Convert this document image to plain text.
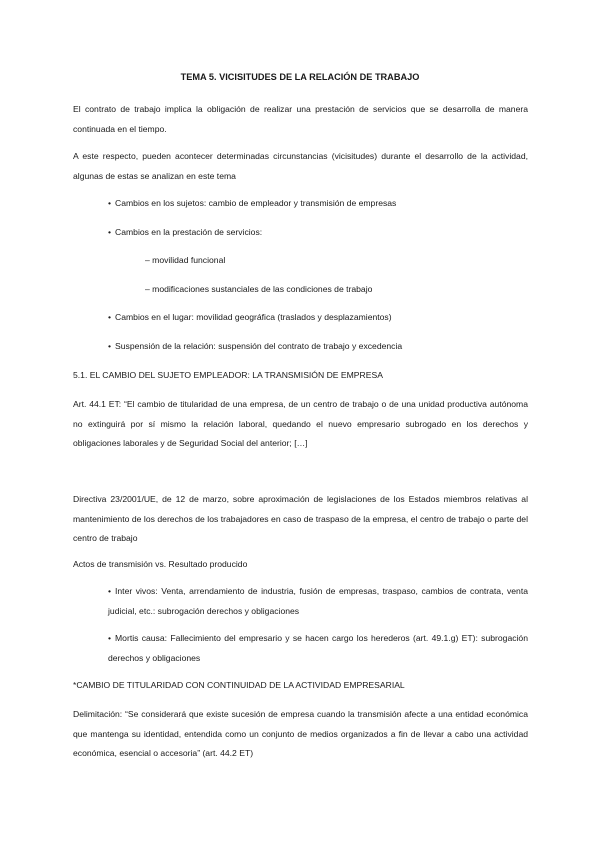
TEMA 5. VICISITUDES DE LA RELACIÓN DE TRABAJO

El contrato de trabajo implica la obligación de realizar una prestación de servicios que se desarrolla de manera continuada en el tiempo.

A este respecto, pueden acontecer determinadas circunstancias (vicisitudes) durante el desarrollo de la actividad, algunas de estas se analizan en este tema

• Cambios en los sujetos: cambio de empleador y transmisión de empresas

• Cambios en la prestación de servicios:

– movilidad funcional

– modificaciones sustanciales de las condiciones de trabajo

• Cambios en el lugar: movilidad geográfica (traslados y desplazamientos)

• Suspensión de la relación: suspensión del contrato de trabajo y excedencia

5.1. EL CAMBIO DEL SUJETO EMPLEADOR: LA TRANSMISIÓN DE EMPRESA

Art. 44.1 ET: “El cambio de titularidad de una empresa, de un centro de trabajo o de una unidad productiva autónoma no extinguirá por sí mismo la relación laboral, quedando el nuevo empresario subrogado en los derechos y obligaciones laborales y de Seguridad Social del anterior; […]

Directiva 23/2001/UE, de 12 de marzo, sobre aproximación de legislaciones de los Estados miembros relativas al mantenimiento de los derechos de los trabajadores en caso de traspaso de la empresa, el centro de trabajo o parte del centro de trabajo

Actos de transmisión vs. Resultado producido

• Inter vivos: Venta, arrendamiento de industria, fusión de empresas, traspaso, cambios de contrata, venta judicial, etc.: subrogación derechos y obligaciones

• Mortis causa: Fallecimiento del empresario y se hacen cargo los herederos (art. 49.1.g) ET): subrogación derechos y obligaciones

*CAMBIO DE TITULARIDAD CON CONTINUIDAD DE LA ACTIVIDAD EMPRESARIAL

Delimitación: “Se considerará que existe sucesión de empresa cuando la transmisión afecte a una entidad económica que mantenga su identidad, entendida como un conjunto de medios organizados a fin de llevar a cabo una actividad económica, esencial o accesoria” (art. 44.2 ET)
